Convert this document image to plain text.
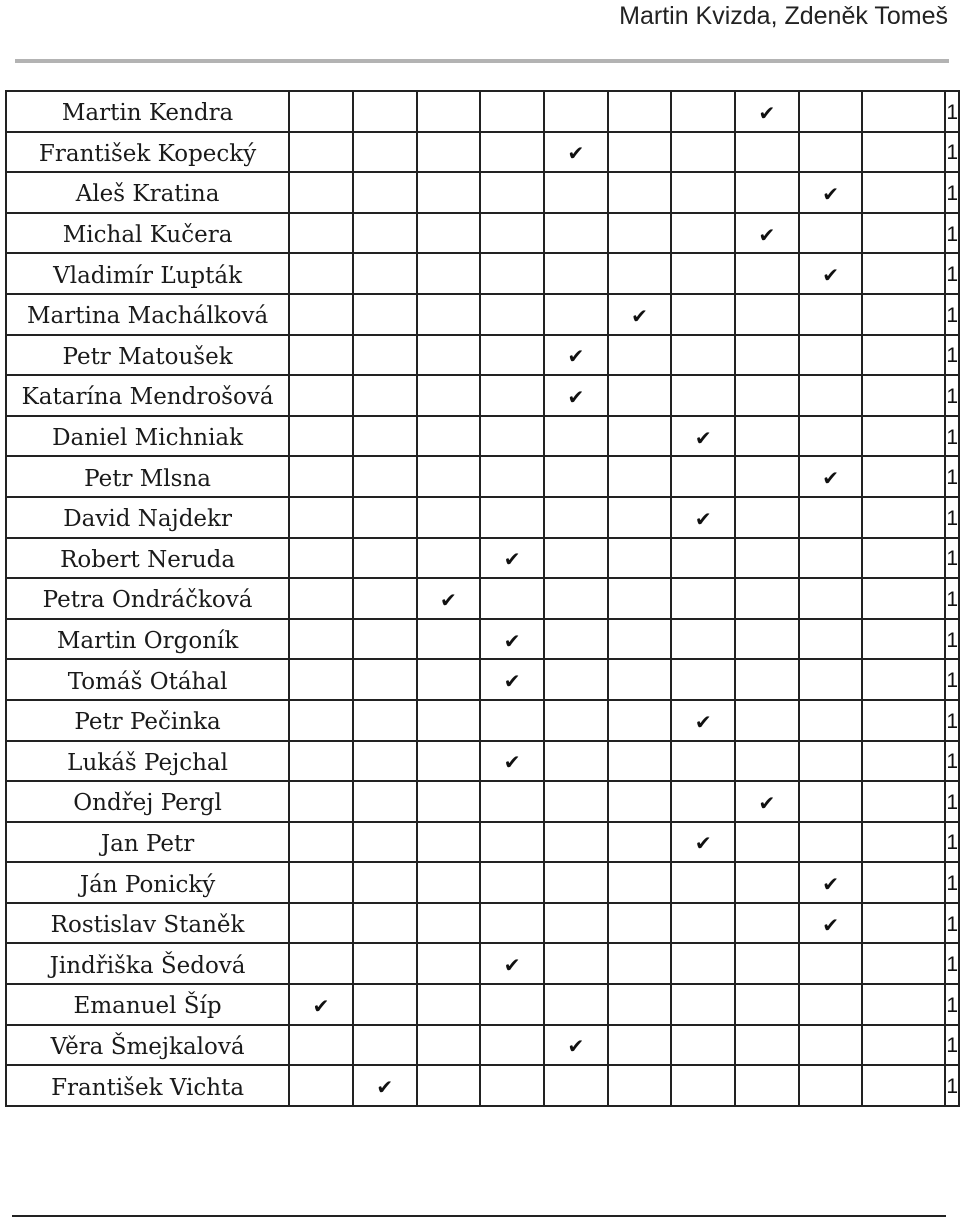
Martin Kvizda, Zdeněk Tomeš
Martin Kendra								✔			1
František Kopecký					✔						1
Aleš Kratina									✔		1
Michal Kučera								✔			1
Vladimír Ľupták									✔		1
Martina Machálková						✔					1
Petr Matoušek					✔						1
Katarína Mendrošová					✔						1
Daniel Michniak							✔				1
Petr Mlsna									✔		1
David Najdekr							✔				1
Robert Neruda				✔							1
Petra Ondráčková			✔								1
Martin Orgoník				✔							1
Tomáš Otáhal				✔							1
Petr Pečinka							✔				1
Lukáš Pejchal				✔							1
Ondřej Pergl								✔			1
Jan Petr							✔				1
Ján Ponický									✔		1
Rostislav Staněk									✔		1
Jindřiška Šedová				✔							1
Emanuel Šíp	✔										1
Věra Šmejkalová					✔						1
František Vichta		✔									1
